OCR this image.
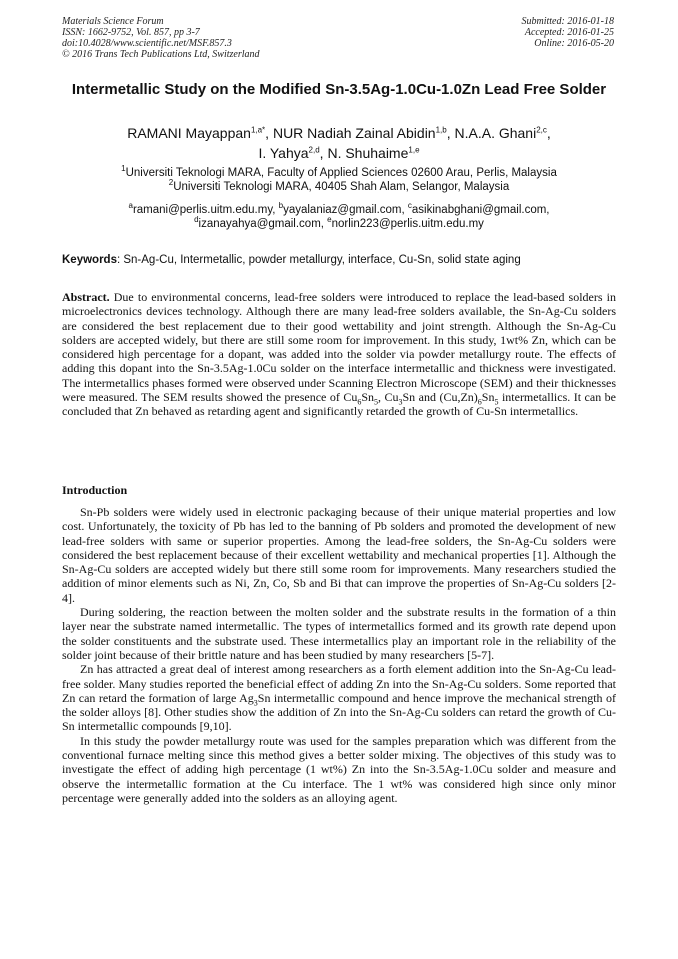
Materials Science Forum
ISSN: 1662-9752, Vol. 857, pp 3-7
doi:10.4028/www.scientific.net/MSF.857.3
© 2016 Trans Tech Publications Ltd, Switzerland
Submitted: 2016-01-18
Accepted: 2016-01-25
Online: 2016-05-20
Intermetallic Study on the Modified Sn-3.5Ag-1.0Cu-1.0Zn Lead Free Solder
RAMANI Mayappan$^{1,a*}$, NUR Nadiah Zainal Abidin$^{1,b}$, N.A.A. Ghani$^{2,c}$,
I. Yahya$^{2,d}$, N. Shuhaime$^{1,e}$
$^1$Universiti Teknologi MARA, Faculty of Applied Sciences 02600 Arau, Perlis, Malaysia
$^2$Universiti Teknologi MARA, 40405 Shah Alam, Selangor, Malaysia
$^a$ramani@perlis.uitm.edu.my, $^b$yayalaniaz@gmail.com, $^c$asikinabghani@gmail.com,
$^d$izanayahya@gmail.com, $^e$norlin223@perlis.uitm.edu.my
Keywords: Sn-Ag-Cu, Intermetallic, powder metallurgy, interface, Cu-Sn, solid state aging
Abstract. Due to environmental concerns, lead-free solders were introduced to replace the lead-based solders in microelectronics devices technology. Although there are many lead-free solders available, the Sn-Ag-Cu solders are considered the best replacement due to their good wettability and joint strength. Although the Sn-Ag-Cu solders are accepted widely, but there are still some room for improvement. In this study, 1wt% Zn, which can be considered high percentage for a dopant, was added into the solder via powder metallurgy route. The effects of adding this dopant into the Sn-3.5Ag-1.0Cu solder on the interface intermetallic and thickness were investigated. The intermetallics phases formed were observed under Scanning Electron Microscope (SEM) and their thicknesses were measured. The SEM results showed the presence of $Cu_6Sn_5$, $Cu_3Sn$ and $(Cu,Zn)_6Sn_5$ intermetallics. It can be concluded that Zn behaved as retarding agent and significantly retarded the growth of Cu-Sn intermetallics.
Introduction

Sn-Pb solders were widely used in electronic packaging because of their unique material properties and low cost. Unfortunately, the toxicity of Pb has led to the banning of Pb solders and promoted the development of new lead-free solders with same or superior properties. Among the lead-free solders, the Sn-Ag-Cu solders were considered the best replacement because of their excellent wettability and mechanical properties [1]. Although the Sn-Ag-Cu solders are accepted widely but there still some room for improvements. Many researchers studied the addition of minor elements such as Ni, Zn, Co, Sb and Bi that can improve the properties of Sn-Ag-Cu solders [2-4].

During soldering, the reaction between the molten solder and the substrate results in the formation of a thin layer near the substrate named intermetallic. The types of intermetallics formed and its growth rate depend upon the solder constituents and the substrate used. These intermetallics play an important role in the reliability of the solder joint because of their brittle nature and has been studied by many researchers [5-7].

Zn has attracted a great deal of interest among researchers as a forth element addition into the Sn-Ag-Cu lead-free solder. Many studies reported the beneficial effect of adding Zn into the Sn-Ag-Cu solders. Some reported that Zn can retard the formation of large $Ag_3Sn$ intermetallic compound and hence improve the mechanical strength of the solder alloys [8]. Other studies show the addition of Zn into the Sn-Ag-Cu solders can retard the growth of Cu-Sn intermetallic compounds [9,10].

In this study the powder metallurgy route was used for the samples preparation which was different from the conventional furnace melting since this method gives a better solder mixing. The objectives of this study was to investigate the effect of adding high percentage (1 wt%) Zn into the Sn-3.5Ag-1.0Cu solder and measure and observe the intermetallic formation at the Cu interface. The 1 wt% was considered high since only minor percentage were generally added into the solders as an alloying agent.
